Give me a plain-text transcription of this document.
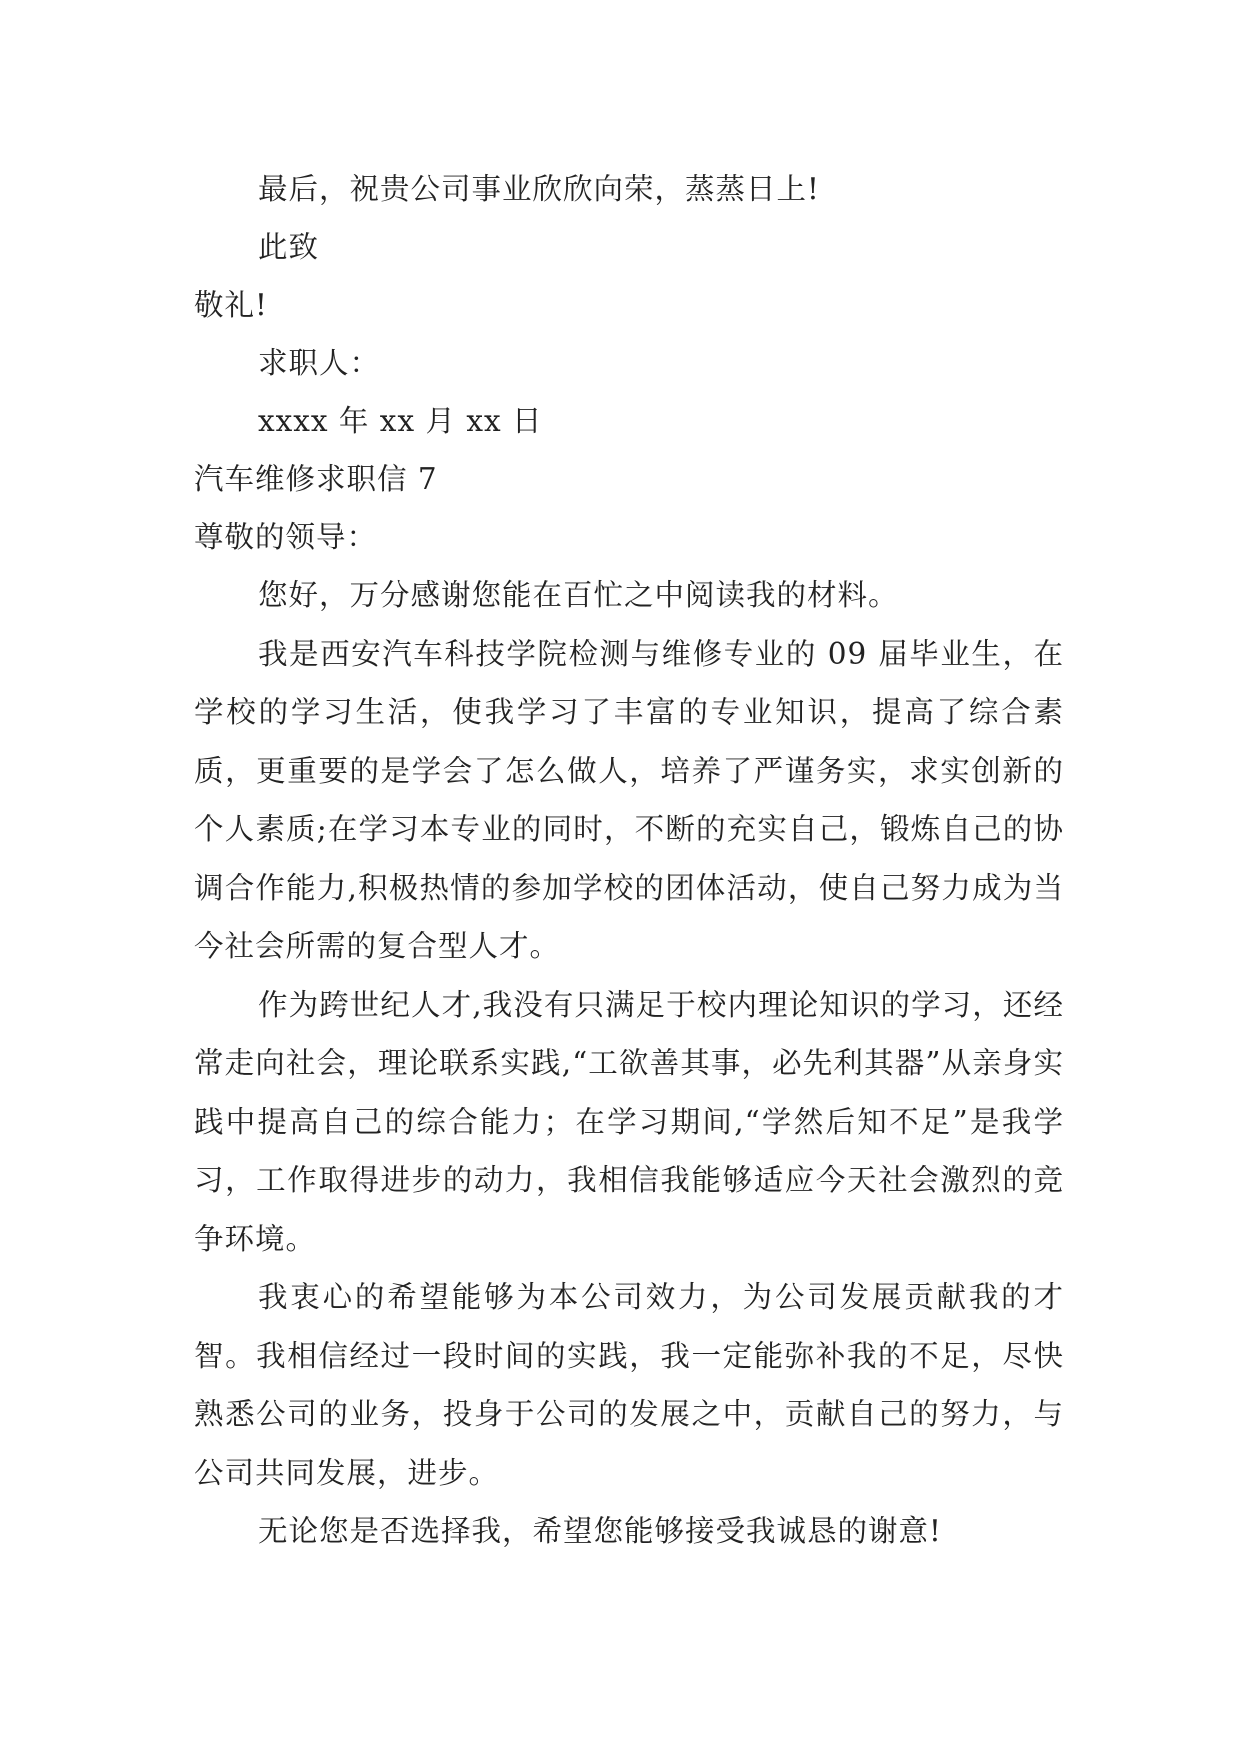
最后，祝贵公司事业欣欣向荣，蒸蒸日上!
此致
敬礼!
求职人：
xxxx 年 xx 月 xx 日
汽车维修求职信 7
尊敬的领导：
您好，万分感谢您能在百忙之中阅读我的材料。
我是西安汽车科技学院检测与维修专业的 09 届毕业生，在学校的学习生活，使我学习了丰富的专业知识，提高了综合素质，更重要的是学会了怎么做人，培养了严谨务实，求实创新的个人素质;在学习本专业的同时，不断的充实自己，锻炼自己的协调合作能力,积极热情的参加学校的团体活动，使自己努力成为当今社会所需的复合型人才。
作为跨世纪人才,我没有只满足于校内理论知识的学习，还经常走向社会，理论联系实践,“工欲善其事，必先利其器”从亲身实践中提高自己的综合能力；在学习期间,“学然后知不足”是我学习，工作取得进步的动力，我相信我能够适应今天社会激烈的竞争环境。
我衷心的希望能够为本公司效力，为公司发展贡献我的才智。我相信经过一段时间的实践，我一定能弥补我的不足，尽快熟悉公司的业务，投身于公司的发展之中，贡献自己的努力，与公司共同发展，进步。
无论您是否选择我，希望您能够接受我诚恳的谢意!
